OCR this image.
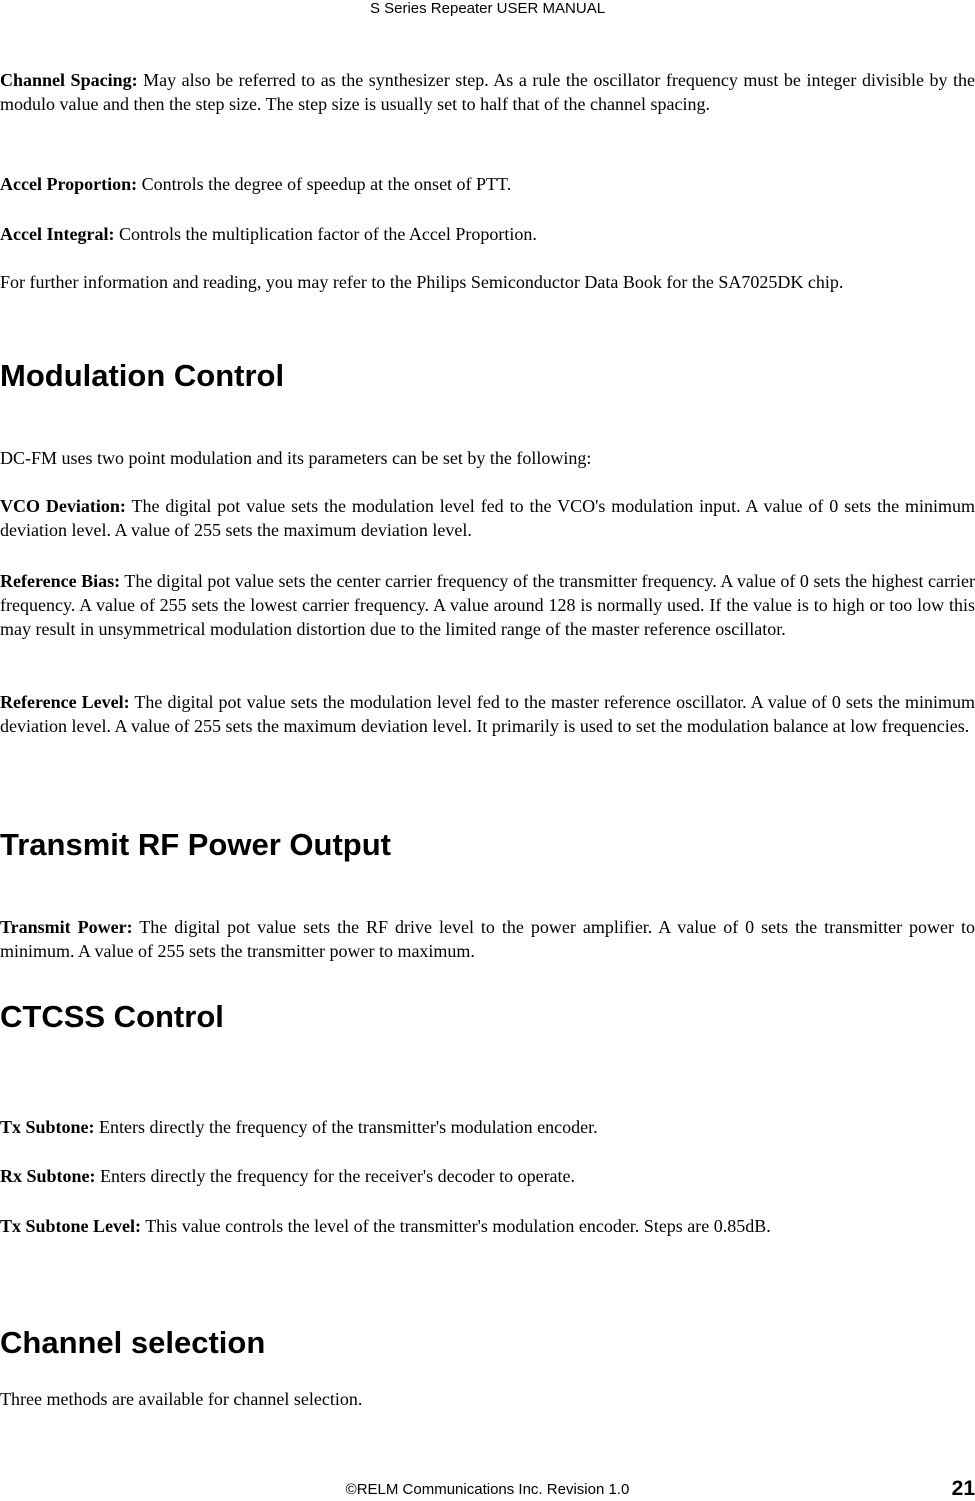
S Series Repeater USER MANUAL

Channel Spacing: May also be referred to as the synthesizer step. As a rule the oscillator frequency must be integer divisible by the modulo value and then the step size. The step size is usually set to half that of the channel spacing.

Accel Proportion: Controls the degree of speedup at the onset of PTT.

Accel Integral: Controls the multiplication factor of the Accel Proportion.

For further information and reading, you may refer to the Philips Semiconductor Data Book for the SA7025DK chip.

Modulation Control

DC-FM uses two point modulation and its parameters can be set by the following:

VCO Deviation: The digital pot value sets the modulation level fed to the VCO's modulation input. A value of 0 sets the minimum deviation level. A value of 255 sets the maximum deviation level.

Reference Bias: The digital pot value sets the center carrier frequency of the transmitter frequency. A value of 0 sets the highest carrier frequency. A value of 255 sets the lowest carrier frequency. A value around 128 is normally used. If the value is to high or too low this may result in unsymmetrical modulation distortion due to the limited range of the master reference oscillator.

Reference Level: The digital pot value sets the modulation level fed to the master reference oscillator. A value of 0 sets the minimum deviation level. A value of 255 sets the maximum deviation level. It primarily is used to set the modulation balance at low frequencies.

Transmit RF Power Output

Transmit Power: The digital pot value sets the RF drive level to the power amplifier. A value of 0 sets the transmitter power to minimum. A value of 255 sets the transmitter power to maximum.

CTCSS Control

Tx Subtone: Enters directly the frequency of the transmitter's modulation encoder.

Rx Subtone: Enters directly the frequency for the receiver's decoder to operate.

Tx Subtone Level: This value controls the level of the transmitter's modulation encoder. Steps are 0.85dB.

Channel selection

Three methods are available for channel selection.

©RELM Communications Inc. Revision 1.0	21
